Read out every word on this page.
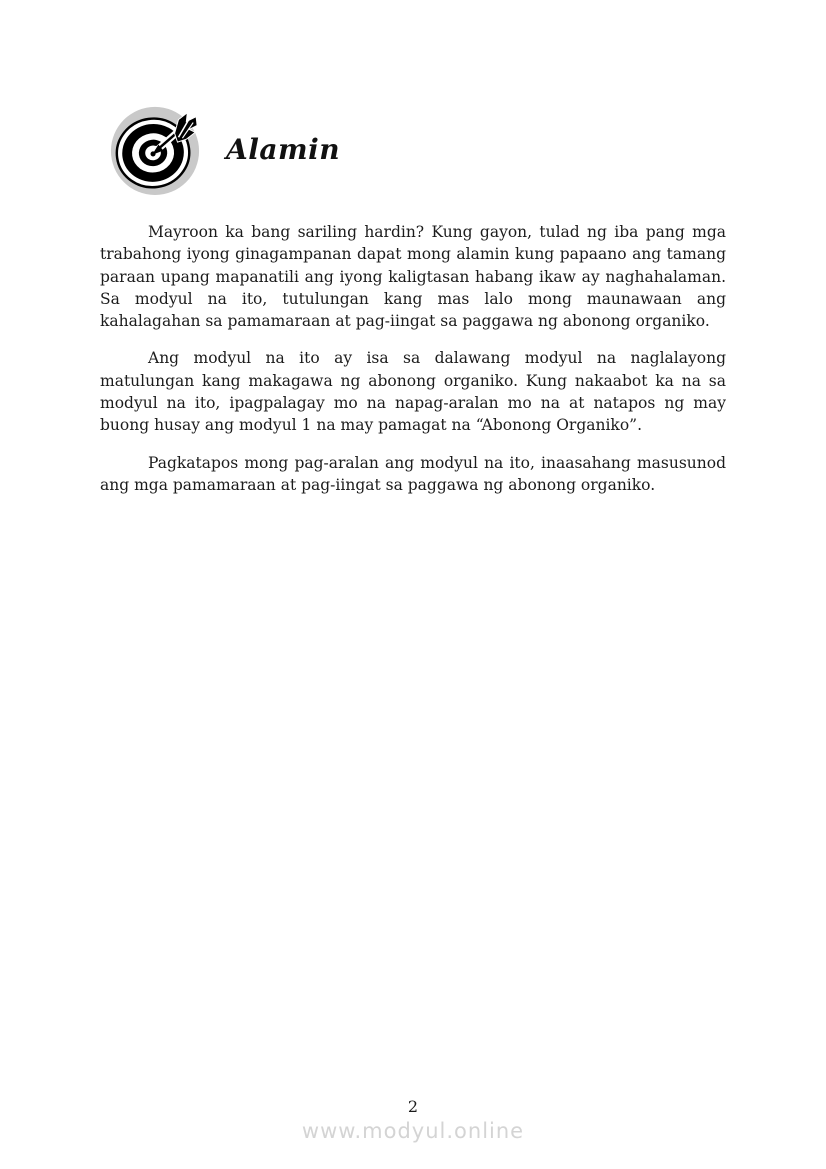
Alamin

Mayroon ka bang sariling hardin? Kung gayon, tulad ng iba pang mga trabahong iyong ginagampanan dapat mong alamin kung papaano ang tamang paraan upang mapanatili ang iyong kaligtasan habang ikaw ay naghahalaman. Sa modyul na ito, tutulungan kang mas lalo mong maunawaan ang kahalagahan sa pamamaraan at pag-iingat sa paggawa ng abonong organiko.

Ang modyul na ito ay isa sa dalawang modyul na naglalayong matulungan kang makagawa ng abonong organiko. Kung nakaabot ka na sa modyul na ito, ipagpalagay mo na napag-aralan mo na at natapos ng may buong husay ang modyul 1 na may pamagat na “Abonong Organiko”.

Pagkatapos mong pag-aralan ang modyul na ito, inaasahang masusunod ang mga pamamaraan at pag-iingat sa paggawa ng abonong organiko.

2
www.modyul.online
